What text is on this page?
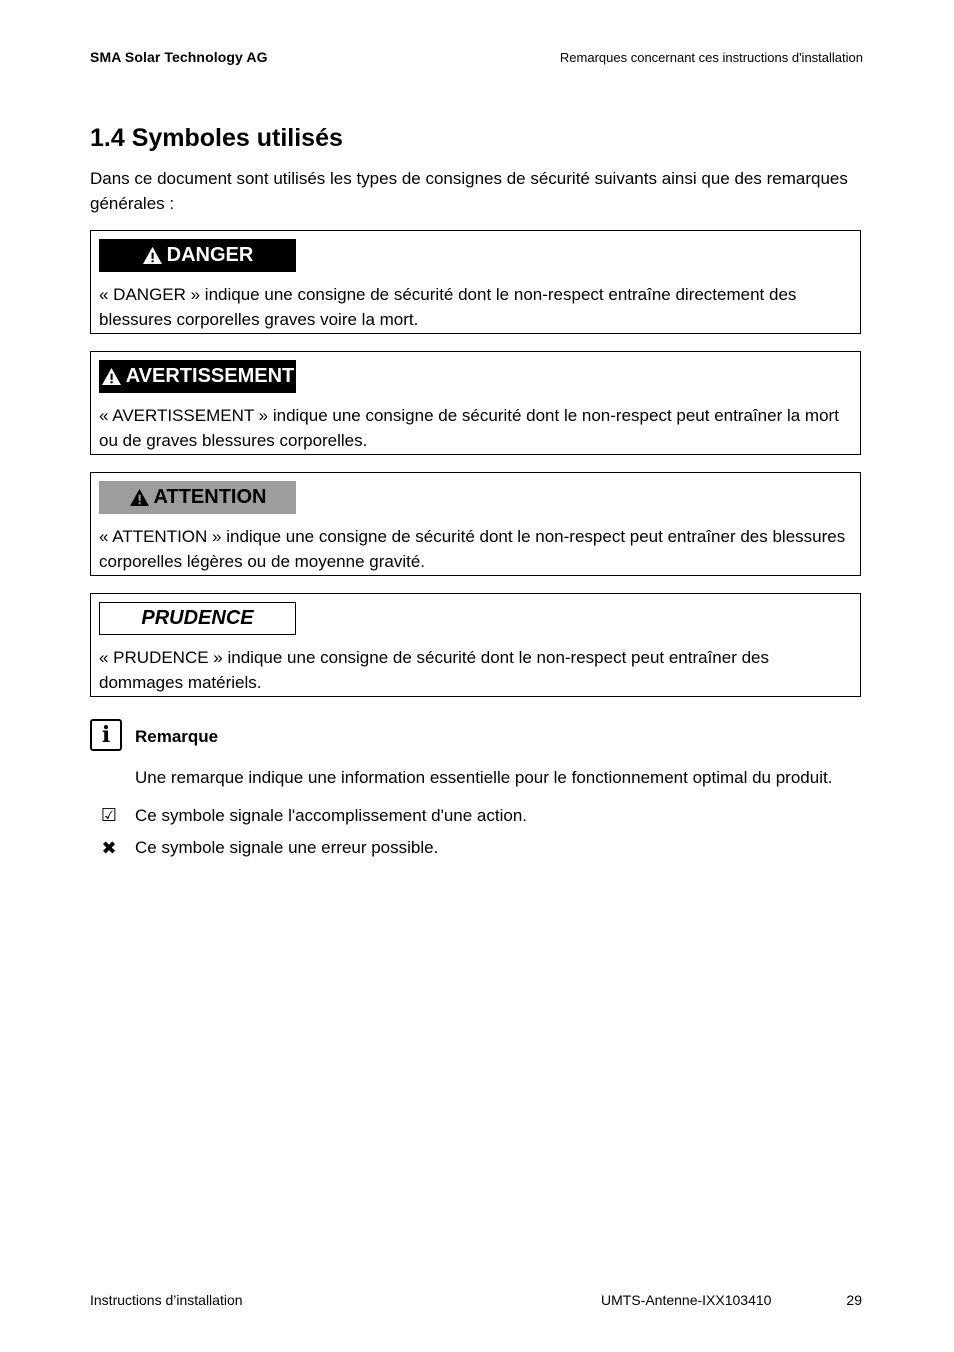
SMA Solar Technology AG	Remarques concernant ces instructions d'installation
1.4 Symboles utilisés

Dans ce document sont utilisés les types de consignes de sécurité suivants ainsi que des remarques générales :

DANGER

« DANGER » indique une consigne de sécurité dont le non-respect entraîne directement des blessures corporelles graves voire la mort.

AVERTISSEMENT

« AVERTISSEMENT » indique une consigne de sécurité dont le non-respect peut entraîner la mort ou de graves blessures corporelles.

ATTENTION

« ATTENTION » indique une consigne de sécurité dont le non-respect peut entraîner des blessures corporelles légères ou de moyenne gravité.

PRUDENCE

« PRUDENCE » indique une consigne de sécurité dont le non-respect peut entraîner des dommages matériels.

i	Remarque
Une remarque indique une information essentielle pour le fonctionnement optimal du produit.
☑ Ce symbole signale l'accomplissement d'une action.
✖ Ce symbole signale une erreur possible.
Instructions d’installation	UMTS-Antenne-IXX103410	29
